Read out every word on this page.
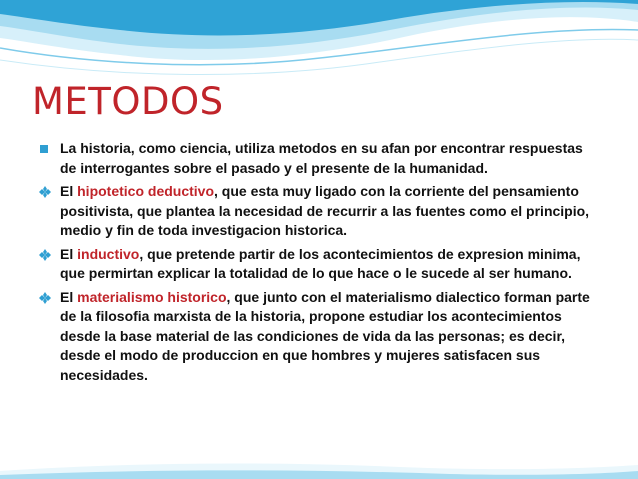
METODOS
La historia, como ciencia, utiliza metodos en su afan por encontrar respuestas de interrogantes sobre el pasado y el presente de la humanidad.
El hipotetico deductivo, que esta muy ligado con la corriente del pensamiento positivista, que plantea la necesidad de recurrir a las fuentes como el principio, medio y fin de toda investigacion historica.
El inductivo, que pretende partir de los acontecimientos de expresion minima, que permirtan explicar la totalidad de lo que hace o le sucede al ser humano.
El materialismo historico, que junto con el materialismo dialectico forman parte de la filosofia marxista de la historia, propone estudiar los acontecimientos desde la base material de las condiciones de vida da las personas; es decir, desde el modo de produccion en que hombres y mujeres satisfacen sus necesidades.
